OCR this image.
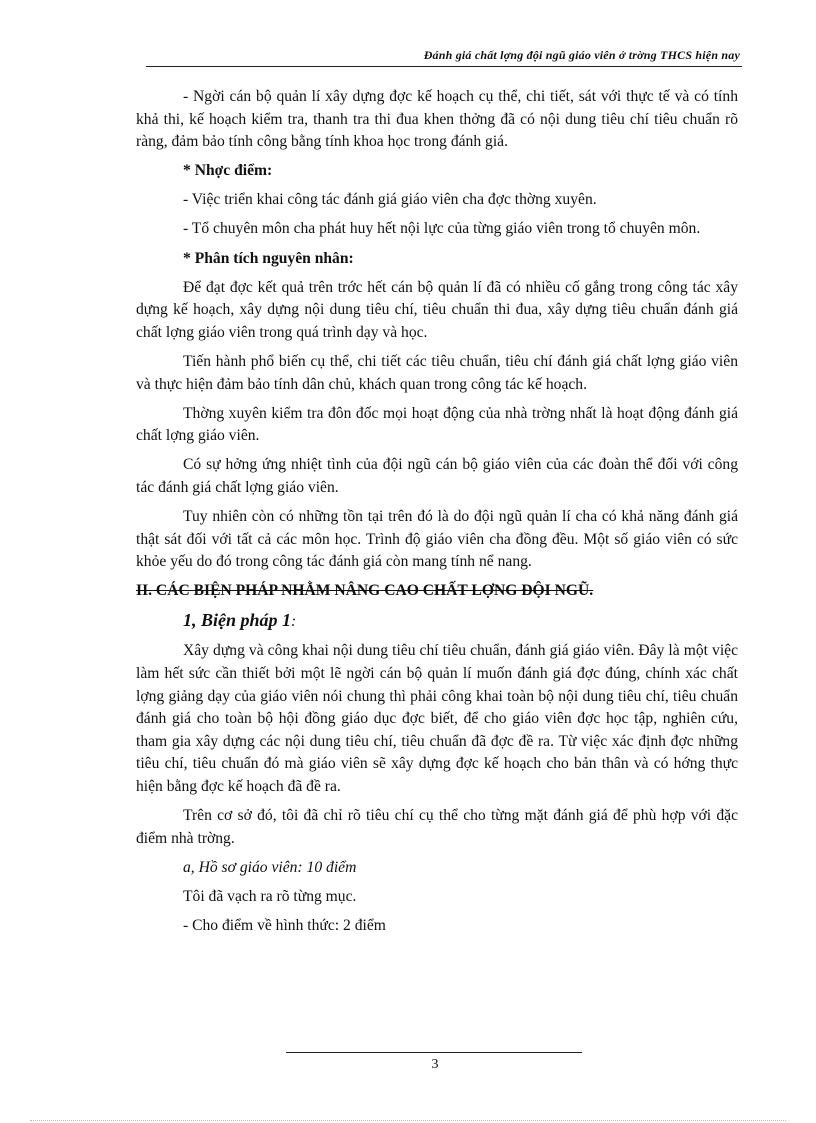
Đánh giá chất lợng đội ngũ giáo viên ở trờng THCS hiện nay

- Ngời cán bộ quản lí xây dựng đợc kế hoạch cụ thể, chi tiết, sát với thực tế và có tính khả thi, kế hoạch kiểm tra, thanh tra thi đua khen thởng đã có nội dung tiêu chí tiêu chuẩn rõ ràng, đảm bảo tính công bằng tính khoa học trong đánh giá.

* Nhợc điểm:

- Việc triển khai công tác đánh giá giáo viên cha đợc thờng xuyên.

- Tổ chuyên môn cha phát huy hết nội lực của từng giáo viên trong tổ chuyên môn.

* Phân tích nguyên nhân:

Để đạt đợc kết quả trên trớc hết cán bộ quản lí đã có nhiều cố gắng trong công tác xây dựng kế hoạch, xây dựng nội dung tiêu chí, tiêu chuẩn thi đua, xây dựng tiêu chuẩn đánh giá chất lợng giáo viên trong quá trình dạy và học.

Tiến hành phổ biến cụ thể, chi tiết các tiêu chuẩn, tiêu chí đánh giá chất lợng giáo viên và thực hiện đảm bảo tính dân chủ, khách quan trong công tác kế hoạch.

Thờng xuyên kiểm tra đôn đốc mọi hoạt động của nhà trờng nhất là hoạt động đánh giá chất lợng giáo viên.

Có sự hởng ứng nhiệt tình của đội ngũ cán bộ giáo viên của các đoàn thể đối với công tác đánh giá chất lợng giáo viên.

Tuy nhiên còn có những tồn tại trên đó là do đội ngũ quản lí cha có khả năng đánh giá thật sát đối với tất cả các môn học. Trình độ giáo viên cha đồng đều. Một số giáo viên có sức khỏe yếu do đó trong công tác đánh giá còn mang tính nể nang.

II. CÁC BIỆN PHÁP NHẰM NÂNG CAO CHẤT LỢNG ĐỘI NGŨ.

1, Biện pháp 1:

Xây dựng và công khai nội dung tiêu chí tiêu chuẩn, đánh giá giáo viên. Đây là một việc làm hết sức cần thiết bởi một lẽ ngời cán bộ quản lí muốn đánh giá đợc đúng, chính xác chất lợng giảng dạy của giáo viên nói chung thì phải công khai toàn bộ nội dung tiêu chí, tiêu chuẩn đánh giá cho toàn bộ hội đồng giáo dục đợc biết, để cho giáo viên đợc học tập, nghiên cứu, tham gia xây dựng các nội dung tiêu chí, tiêu chuẩn đã đợc đề ra. Từ việc xác định đợc những tiêu chí, tiêu chuẩn đó mà giáo viên sẽ xây dựng đợc kế hoạch cho bản thân và có hớng thực hiện bằng đợc kế hoạch đã đề ra.

Trên cơ sở đó, tôi đã chỉ rõ tiêu chí cụ thể cho từng mặt đánh giá để phù hợp với đặc điểm nhà trờng.

a, Hồ sơ giáo viên: 10 điểm

Tôi đã vạch ra rõ từng mục.

- Cho điểm về hình thức: 2 điểm

3
